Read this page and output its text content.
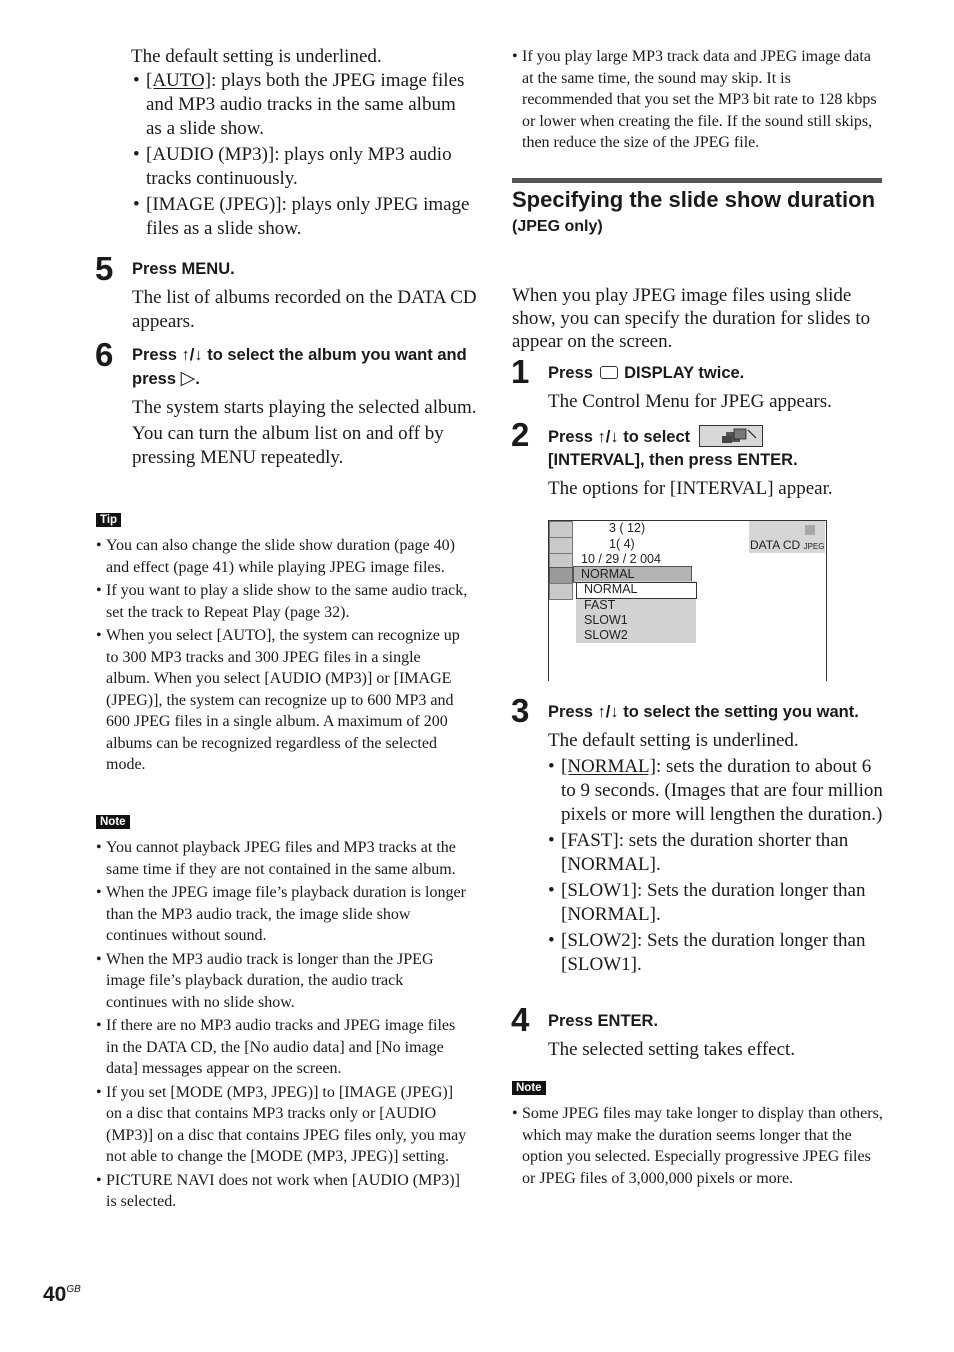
The default setting is underlined.

• [AUTO]: plays both the JPEG image files and MP3 audio tracks in the same album as a slide show.
• [AUDIO (MP3)]: plays only MP3 audio tracks continuously.
• [IMAGE (JPEG)]: plays only JPEG image files as a slide show.
5 Press MENU.

The list of albums recorded on the DATA CD appears.

6 Press ↑/↓ to select the album you want and press ▷.

The system starts playing the selected album.

You can turn the album list on and off by pressing MENU repeatedly.

Tip
• You can also change the slide show duration (page 40) and effect (page 41) while playing JPEG image files.
• If you want to play a slide show to the same audio track, set the track to Repeat Play (page 32).
• When you select [AUTO], the system can recognize up to 300 MP3 tracks and 300 JPEG files in a single album. When you select [AUDIO (MP3)] or [IMAGE (JPEG)], the system can recognize up to 600 MP3 and 600 JPEG files in a single album. A maximum of 200 albums can be recognized regardless of the selected mode.
Note
• You cannot playback JPEG files and MP3 tracks at the same time if they are not contained in the same album.
• When the JPEG image file’s playback duration is longer than the MP3 audio track, the image slide show continues without sound.
• When the MP3 audio track is longer than the JPEG image file’s playback duration, the audio track continues with no slide show.
• If there are no MP3 audio tracks and JPEG image files in the DATA CD, the [No audio data] and [No image data] messages appear on the screen.
• If you set [MODE (MP3, JPEG)] to [IMAGE (JPEG)] on a disc that contains MP3 tracks only or [AUDIO (MP3)] on a disc that contains JPEG files only, you may not able to change the [MODE (MP3, JPEG)] setting.
• PICTURE NAVI does not work when [AUDIO (MP3)] is selected.
• If you play large MP3 track data and JPEG image data at the same time, the sound may skip. It is recommended that you set the MP3 bit rate to 128 kbps or lower when creating the file. If the sound still skips, then reduce the size of the JPEG file.
Specifying the slide show duration
(JPEG only)

When you play JPEG image files using slide show, you can specify the duration for slides to appear on the screen.

1 Press  DISPLAY twice.

The Control Menu for JPEG appears.

2 Press ↑/↓ to select

[INTERVAL], then press ENTER.

The options for [INTERVAL] appear.

3 ( 12)
1( 4)
10 / 29 / 2 004
NORMAL
NORMAL
FAST
SLOW1
SLOW2
DATA CD JPEG
3 Press ↑/↓ to select the setting you want.

The default setting is underlined.

• [NORMAL]: sets the duration to about 6 to 9 seconds. (Images that are four million pixels or more will lengthen the duration.)
• [FAST]: sets the duration shorter than [NORMAL].
• [SLOW1]: Sets the duration longer than [NORMAL].
• [SLOW2]: Sets the duration longer than [SLOW1].
4 Press ENTER.

The selected setting takes effect.

Note
• Some JPEG files may take longer to display than others, which may make the duration seems longer that the option you selected. Especially progressive JPEG files or JPEG files of 3,000,000 pixels or more.
$40^{GB}$
